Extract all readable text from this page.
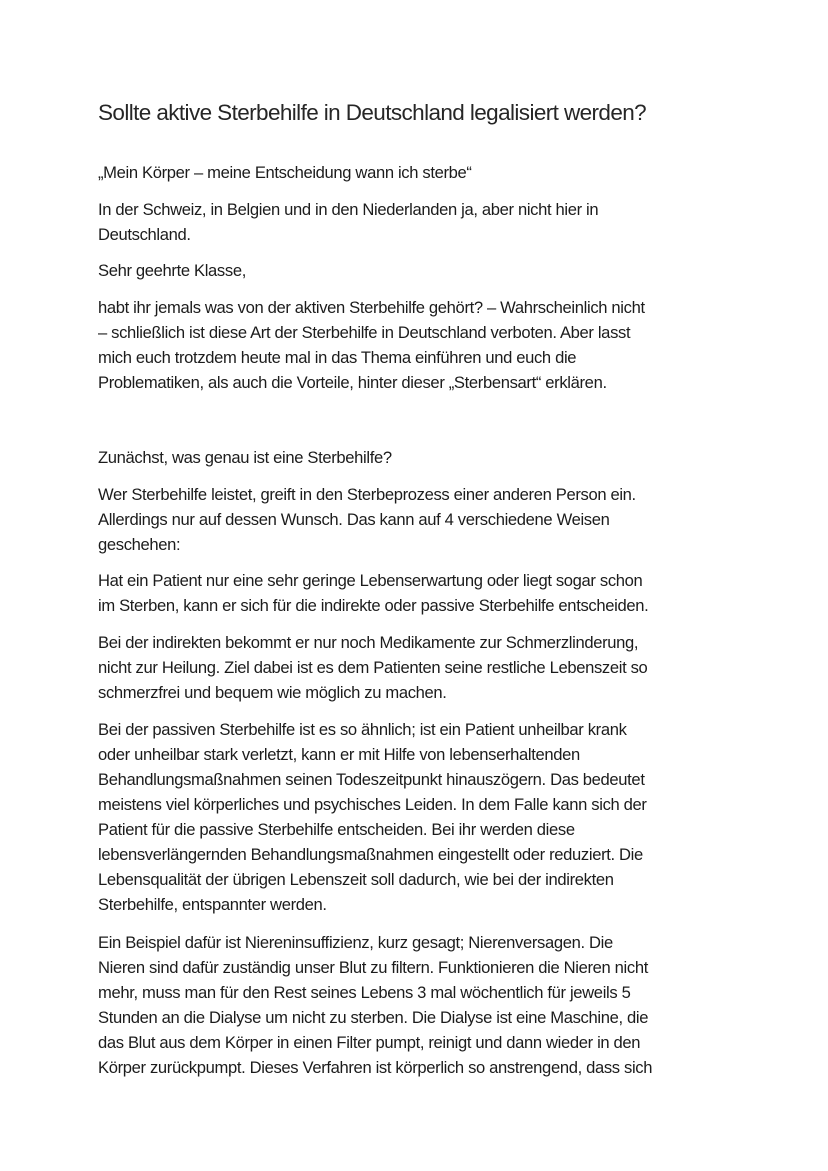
Sollte aktive Sterbehilfe in Deutschland legalisiert werden?

„Mein Körper – meine Entscheidung wann ich sterbe“

In der Schweiz, in Belgien und in den Niederlanden ja, aber nicht hier in
Deutschland.

Sehr geehrte Klasse,

habt ihr jemals was von der aktiven Sterbehilfe gehört? – Wahrscheinlich nicht
– schließlich ist diese Art der Sterbehilfe in Deutschland verboten. Aber lasst
mich euch trotzdem heute mal in das Thema einführen und euch die
Problematiken, als auch die Vorteile, hinter dieser „Sterbensart“ erklären.

Zunächst, was genau ist eine Sterbehilfe?

Wer Sterbehilfe leistet, greift in den Sterbeprozess einer anderen Person ein.
Allerdings nur auf dessen Wunsch. Das kann auf 4 verschiedene Weisen
geschehen:

Hat ein Patient nur eine sehr geringe Lebenserwartung oder liegt sogar schon
im Sterben, kann er sich für die indirekte oder passive Sterbehilfe entscheiden.

Bei der indirekten bekommt er nur noch Medikamente zur Schmerzlinderung,
nicht zur Heilung. Ziel dabei ist es dem Patienten seine restliche Lebenszeit so
schmerzfrei und bequem wie möglich zu machen.

Bei der passiven Sterbehilfe ist es so ähnlich; ist ein Patient unheilbar krank
oder unheilbar stark verletzt, kann er mit Hilfe von lebenserhaltenden
Behandlungsmaßnahmen seinen Todeszeitpunkt hinauszögern. Das bedeutet
meistens viel körperliches und psychisches Leiden. In dem Falle kann sich der
Patient für die passive Sterbehilfe entscheiden. Bei ihr werden diese
lebensverlängernden Behandlungsmaßnahmen eingestellt oder reduziert. Die
Lebensqualität der übrigen Lebenszeit soll dadurch, wie bei der indirekten
Sterbehilfe, entspannter werden.

Ein Beispiel dafür ist Niereninsuffizienz, kurz gesagt; Nierenversagen. Die
Nieren sind dafür zuständig unser Blut zu filtern. Funktionieren die Nieren nicht
mehr, muss man für den Rest seines Lebens 3 mal wöchentlich für jeweils 5
Stunden an die Dialyse um nicht zu sterben. Die Dialyse ist eine Maschine, die
das Blut aus dem Körper in einen Filter pumpt, reinigt und dann wieder in den
Körper zurückpumpt. Dieses Verfahren ist körperlich so anstrengend, dass sich
